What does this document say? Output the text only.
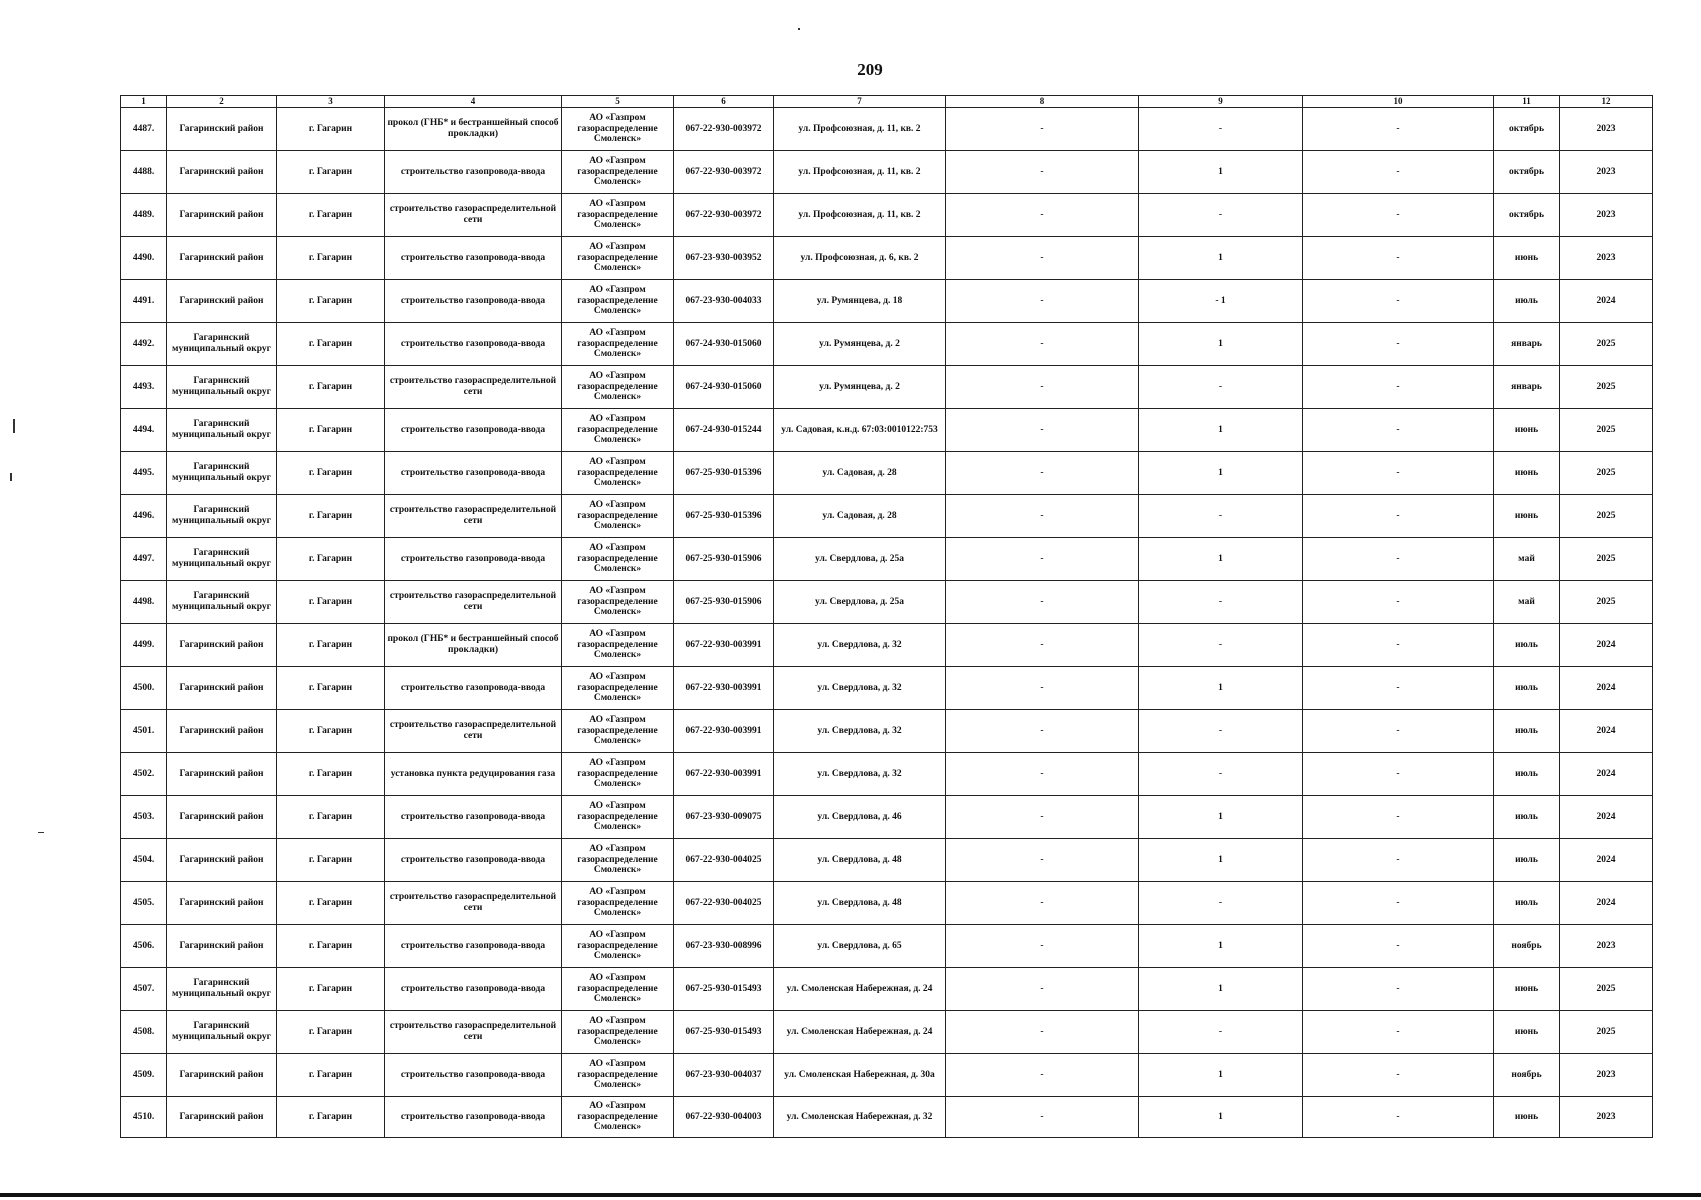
209
1	2	3	4	5	6	7	8	9	10	11	12
4487.	Гагаринский район	г. Гагарин	прокол (ГНБ* и бестраншейный способ прокладки)	АО «Газпром газораспределение Смоленск»	067-22-930-003972	ул. Профсоюзная, д. 11, кв. 2	-	-	-	октябрь	2023
4488.	Гагаринский район	г. Гагарин	строительство газопровода-ввода	АО «Газпром газораспределение Смоленск»	067-22-930-003972	ул. Профсоюзная, д. 11, кв. 2	-	1	-	октябрь	2023
4489.	Гагаринский район	г. Гагарин	строительство газораспределительной сети	АО «Газпром газораспределение Смоленск»	067-22-930-003972	ул. Профсоюзная, д. 11, кв. 2	-	-	-	октябрь	2023
4490.	Гагаринский район	г. Гагарин	строительство газопровода-ввода	АО «Газпром газораспределение Смоленск»	067-23-930-003952	ул. Профсоюзная, д. 6, кв. 2	-	1	-	июнь	2023
4491.	Гагаринский район	г. Гагарин	строительство газопровода-ввода	АО «Газпром газораспределение Смоленск»	067-23-930-004033	ул. Румянцева, д. 18	-	- 1	-	июль	2024
4492.	Гагаринский муниципальный округ	г. Гагарин	строительство газопровода-ввода	АО «Газпром газораспределение Смоленск»	067-24-930-015060	ул. Румянцева, д. 2	-	1	-	январь	2025
4493.	Гагаринский муниципальный округ	г. Гагарин	строительство газораспределительной сети	АО «Газпром газораспределение Смоленск»	067-24-930-015060	ул. Румянцева, д. 2	-	-	-	январь	2025
4494.	Гагаринский муниципальный округ	г. Гагарин	строительство газопровода-ввода	АО «Газпром газораспределение Смоленск»	067-24-930-015244	ул. Садовая, к.н.д. 67:03:0010122:753	-	1	-	июнь	2025
4495.	Гагаринский муниципальный округ	г. Гагарин	строительство газопровода-ввода	АО «Газпром газораспределение Смоленск»	067-25-930-015396	ул. Садовая, д. 28	-	1	-	июнь	2025
4496.	Гагаринский муниципальный округ	г. Гагарин	строительство газораспределительной сети	АО «Газпром газораспределение Смоленск»	067-25-930-015396	ул. Садовая, д. 28	-	-	-	июнь	2025
4497.	Гагаринский муниципальный округ	г. Гагарин	строительство газопровода-ввода	АО «Газпром газораспределение Смоленск»	067-25-930-015906	ул. Свердлова, д. 25а	-	1	-	май	2025
4498.	Гагаринский муниципальный округ	г. Гагарин	строительство газораспределительной сети	АО «Газпром газораспределение Смоленск»	067-25-930-015906	ул. Свердлова, д. 25а	-	-	-	май	2025
4499.	Гагаринский район	г. Гагарин	прокол (ГНБ* и бестраншейный способ прокладки)	АО «Газпром газораспределение Смоленск»	067-22-930-003991	ул. Свердлова, д. 32	-	-	-	июль	2024
4500.	Гагаринский район	г. Гагарин	строительство газопровода-ввода	АО «Газпром газораспределение Смоленск»	067-22-930-003991	ул. Свердлова, д. 32	-	1	-	июль	2024
4501.	Гагаринский район	г. Гагарин	строительство газораспределительной сети	АО «Газпром газораспределение Смоленск»	067-22-930-003991	ул. Свердлова, д. 32	-	-	-	июль	2024
4502.	Гагаринский район	г. Гагарин	установка пункта редуцирования газа	АО «Газпром газораспределение Смоленск»	067-22-930-003991	ул. Свердлова, д. 32	-	-	-	июль	2024
4503.	Гагаринский район	г. Гагарин	строительство газопровода-ввода	АО «Газпром газораспределение Смоленск»	067-23-930-009075	ул. Свердлова, д. 46	-	1	-	июль	2024
4504.	Гагаринский район	г. Гагарин	строительство газопровода-ввода	АО «Газпром газораспределение Смоленск»	067-22-930-004025	ул. Свердлова, д. 48	-	1	-	июль	2024
4505.	Гагаринский район	г. Гагарин	строительство газораспределительной сети	АО «Газпром газораспределение Смоленск»	067-22-930-004025	ул. Свердлова, д. 48	-	-	-	июль	2024
4506.	Гагаринский район	г. Гагарин	строительство газопровода-ввода	АО «Газпром газораспределение Смоленск»	067-23-930-008996	ул. Свердлова, д. 65	-	1	-	ноябрь	2023
4507.	Гагаринский муниципальный округ	г. Гагарин	строительство газопровода-ввода	АО «Газпром газораспределение Смоленск»	067-25-930-015493	ул. Смоленская Набережная, д. 24	-	1	-	июнь	2025
4508.	Гагаринский муниципальный округ	г. Гагарин	строительство газораспределительной сети	АО «Газпром газораспределение Смоленск»	067-25-930-015493	ул. Смоленская Набережная, д. 24	-	-	-	июнь	2025
4509.	Гагаринский район	г. Гагарин	строительство газопровода-ввода	АО «Газпром газораспределение Смоленск»	067-23-930-004037	ул. Смоленская Набережная, д. 30а	-	1	-	ноябрь	2023
4510.	Гагаринский район	г. Гагарин	строительство газопровода-ввода	АО «Газпром газораспределение Смоленск»	067-22-930-004003	ул. Смоленская Набережная, д. 32	-	1	-	июнь	2023
